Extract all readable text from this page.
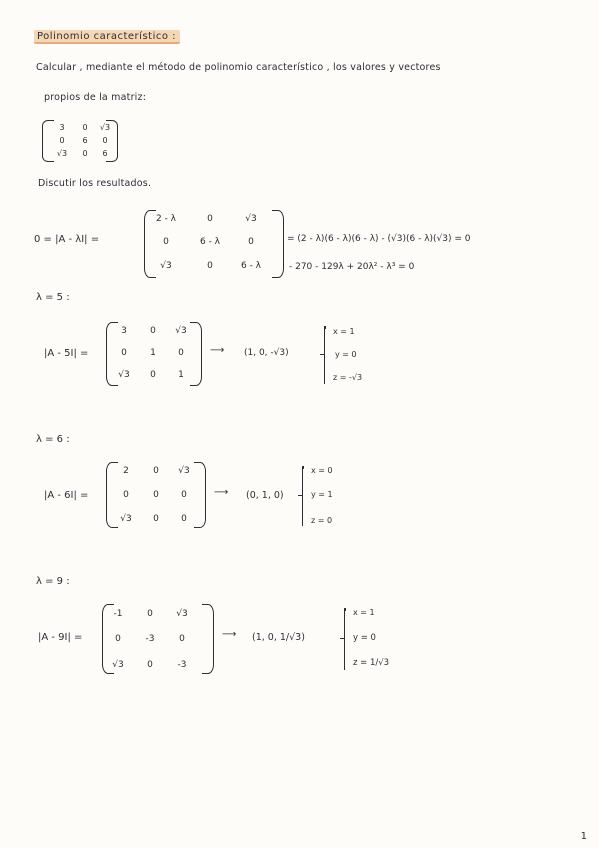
Polinomio característico :
Calcular , mediante el método de polinomio característico , los valores y vectores
propios de la matriz:
3 0 √3
0 6 0
√3 0 6
Discutir los resultados.
0 = |A - λI| =
2 - λ	0	√3
0	6 - λ	0
√3	0	6 - λ
= (2 - λ)(6 - λ)(6 - λ) - (√3)(6 - λ)(√3) = 0
- 270 - 129λ + 20λ² - λ³ = 0
λ = 5 :
|A - 5I| =
3	0 √3
0	1 0
√3 0 1
⟶ (1, 0, -√3)
x = 1
y = 0
z = -√3
λ = 6 :
|A - 6I| =
2	0 √3
0	0 0
√3 0 0
⟶ (0, 1, 0)
x = 0
y = 1
z = 0
λ = 9 :
|A - 9I| =
-1	0	√3
0	-3	0
√3	0	-3
⟶ (1, 0, 1/√3)
x = 1
y = 0
z = 1/√3
1
